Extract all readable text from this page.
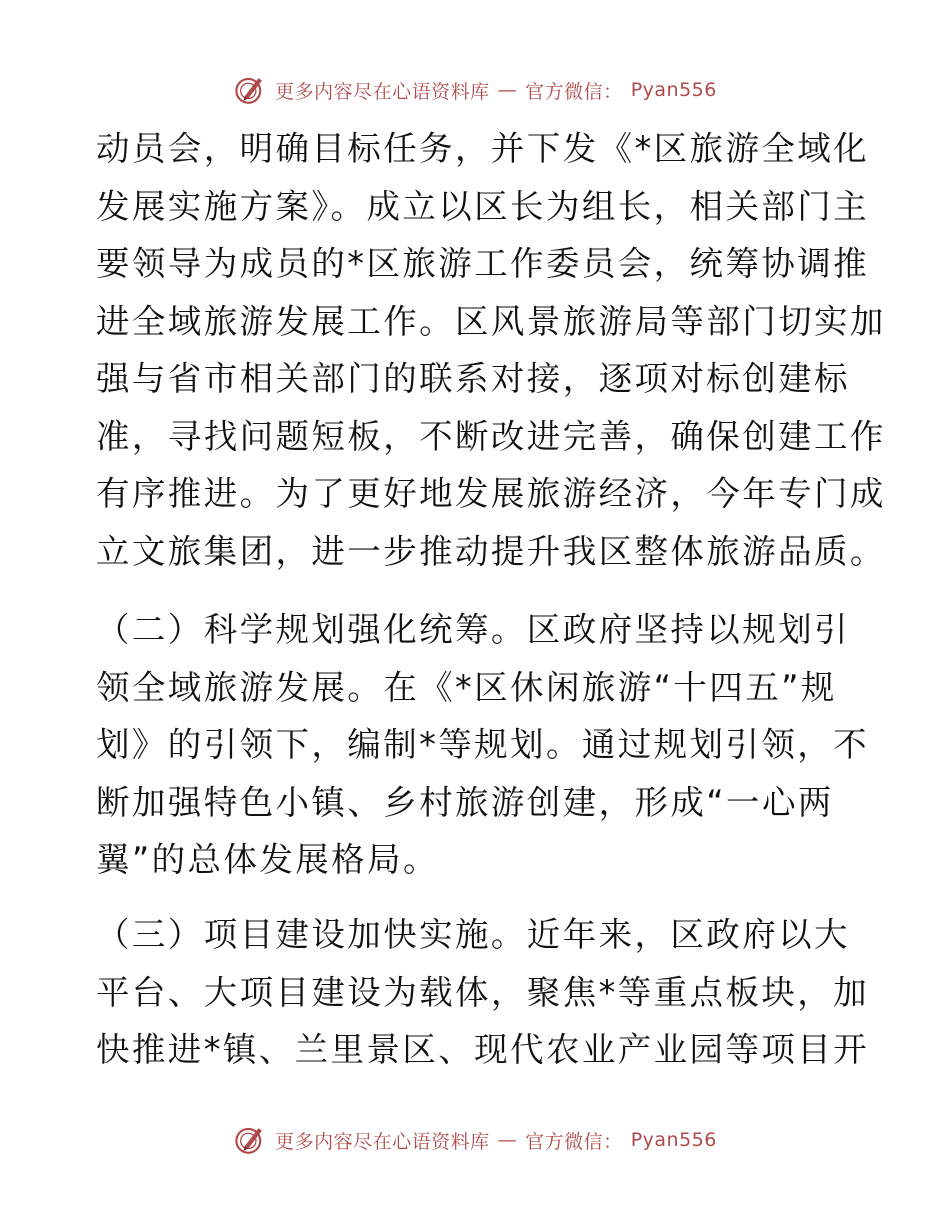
更多内容尽在心语资料库 — 官方微信： Pyan556

动员会，明确目标任务，并下发《*区旅游全域化
发展实施方案》。成立以区长为组长，相关部门主
要领导为成员的*区旅游工作委员会，统筹协调推
进全域旅游发展工作。区风景旅游局等部门切实加
强与省市相关部门的联系对接，逐项对标创建标
准，寻找问题短板，不断改进完善，确保创建工作
有序推进。为了更好地发展旅游经济，今年专门成
立文旅集团，进一步推动提升我区整体旅游品质。

（二）科学规划强化统筹。区政府坚持以规划引
领全域旅游发展。在《*区休闲旅游“十四五”规
划》的引领下，编制*等规划。通过规划引领，不
断加强特色小镇、乡村旅游创建，形成“一心两
翼”的总体发展格局。

（三）项目建设加快实施。近年来，区政府以大
平台、大项目建设为载体，聚焦*等重点板块，加
快推进*镇、兰里景区、现代农业产业园等项目开

更多内容尽在心语资料库 — 官方微信： Pyan556
